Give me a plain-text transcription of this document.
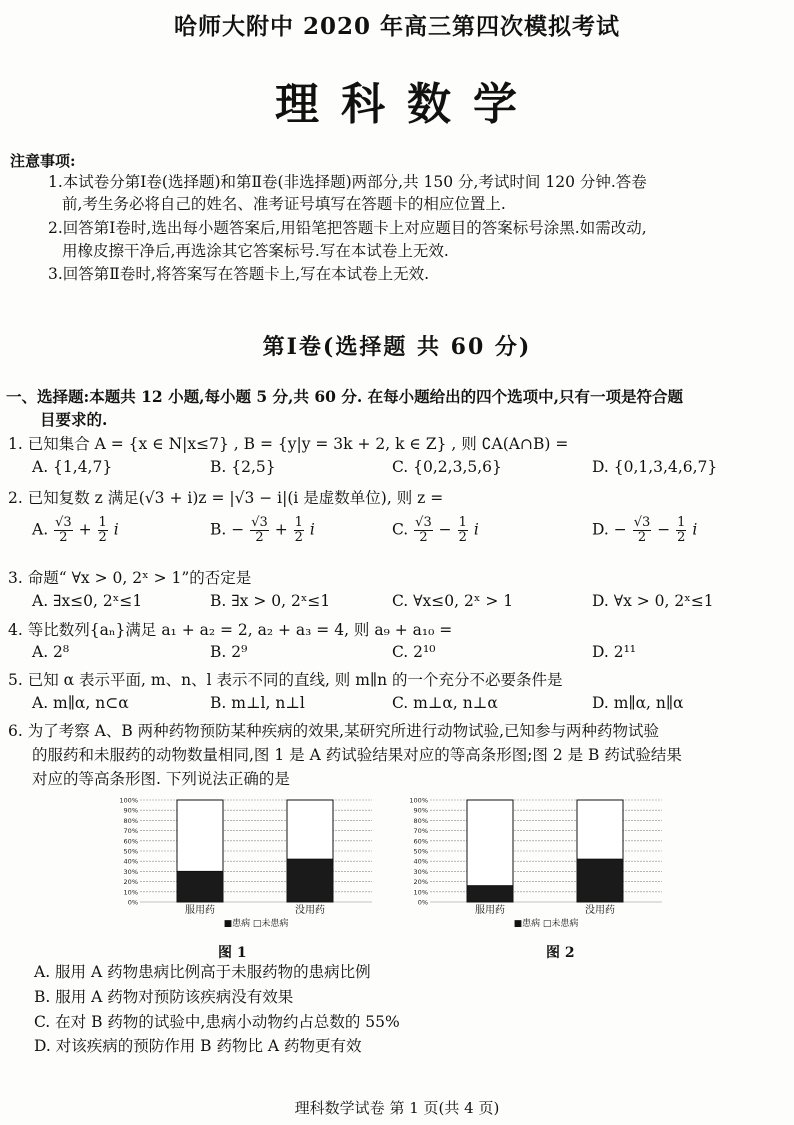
哈师大附中 2020 年高三第四次模拟考试
理科数学
注意事项:
1.本试卷分第Ⅰ卷(选择题)和第Ⅱ卷(非选择题)两部分,共 150 分,考试时间 120 分钟.答卷
前,考生务必将自己的姓名、准考证号填写在答题卡的相应位置上.
2.回答第Ⅰ卷时,选出每小题答案后,用铅笔把答题卡上对应题目的答案标号涂黑.如需改动,
用橡皮擦干净后,再选涂其它答案标号.写在本试卷上无效.
3.回答第Ⅱ卷时,将答案写在答题卡上,写在本试卷上无效.
第Ⅰ卷(选择题 共 60 分)
一、选择题:本题共 12 小题,每小题 5 分,共 60 分. 在每小题给出的四个选项中,只有一项是符合题
目要求的.
1. 已知集合 A = {x ∈ N|x≤7} , B = {y|y = 3k + 2, k ∈ Z} , 则 ∁A(A∩B) =
A. {1,4,7}	B. {2,5}	C. {0,2,3,5,6}	D. {0,1,3,4,6,7}
2. 已知复数 z 满足(√3 + i)z = |√3 − i|(i 是虚数单位), 则 z =
A. $\frac{√3}{2} + \frac{1}{2}$ i	B. − $\frac{√3}{2} + \frac{1}{2}$ i	C. $\frac{√3}{2} - \frac{1}{2}$ i	D. − $\frac{√3}{2} - \frac{1}{2}$ i
3. 命题“ ∀x > 0, 2ˣ > 1”的否定是
A. ∃x≤0, 2ˣ≤1	B. ∃x > 0, 2ˣ≤1	C. ∀x≤0, 2ˣ > 1	D. ∀x > 0, 2ˣ≤1
4. 等比数列{aₙ}满足 a₁ + a₂ = 2, a₂ + a₃ = 4, 则 a₉ + a₁₀ =
A. 2⁸	B. 2⁹	C. 2¹⁰	D. 2¹¹
5. 已知 α 表示平面, m、n、l 表示不同的直线, 则 m∥n 的一个充分不必要条件是
A. m∥α, n⊂α	B. m⊥l, n⊥l	C. m⊥α, n⊥α	D. m∥α, n∥α
6. 为了考察 A、B 两种药物预防某种疾病的效果,某研究所进行动物试验,已知参与两种药物试验
的服药和未服药的动物数量相同,图 1 是 A 药试验结果对应的等高条形图;图 2 是 B 药试验结果
对应的等高条形图. 下列说法正确的是
0%
10%
20%
30%
40%
50%
60%
70%
80%
90%
100%
服用药	没用药
■患病 □未患病
0%
10%
20%
30%
40%
50%
60%
70%
80%
90%
100%
服用药	没用药
■患病 □未患病
图 1	图 2
A. 服用 A 药物患病比例高于未服药物的患病比例
B. 服用 A 药物对预防该疾病没有效果
C. 在对 B 药物的试验中,患病小动物约占总数的 55%
D. 对该疾病的预防作用 B 药物比 A 药物更有效
理科数学试卷 第 1 页(共 4 页)
